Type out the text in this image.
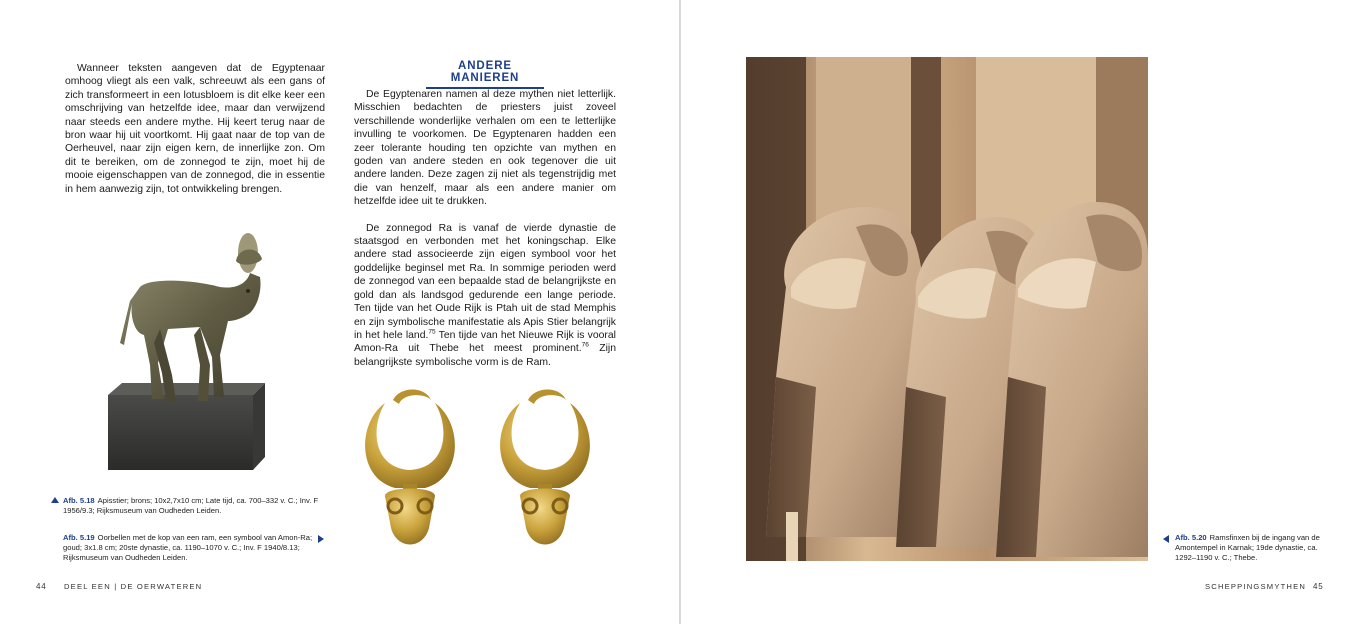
Wanneer teksten aangeven dat de Egyptenaar omhoog vliegt als een valk, schreeuwt als een gans of zich transformeert in een lotusbloem is dit elke keer een omschrijving van hetzelfde idee, maar dan verwijzend naar steeds een andere mythe. Hij keert terug naar de bron waar hij uit voortkomt. Hij gaat naar de top van de Oerheuvel, naar zijn eigen kern, de innerlijke zon. Om dit te bereiken, om de zonnegod te zijn, moet hij de mooie eigenschappen van de zonnegod, die in essentie in hem aanwezig zijn, tot ontwikkeling brengen.

Afb. 5.18 Apisstier; brons; 10x2,7x10 cm; Late tijd, ca. 700–332 v. C.; Inv. F 1956/9.3; Rijksmuseum van Oudheden Leiden.
Afb. 5.19 Oorbellen met de kop van een ram, een symbool van Amon-Ra; goud; 3x1.8 cm; 20ste dynastie, ca. 1190–1070 v. C.; Inv. F 1940/8.13; Rijksmuseum van Oudheden Leiden.
ANDERE MANIEREN

De Egyptenaren namen al deze mythen niet letterlijk. Misschien bedachten de priesters juist zoveel verschillende wonderlijke verhalen om een te letterlijke invulling te voorkomen. De Egyptenaren hadden een zeer tolerante houding ten opzichte van mythen en goden van andere steden en ook tegenover die uit andere landen. Deze zagen zij niet als tegenstrijdig met die van henzelf, maar als een andere manier om hetzelfde idee uit te drukken.

De zonnegod Ra is vanaf de vierde dynastie de staatsgod en verbonden met het koningschap. Elke andere stad associeerde zijn eigen symbool voor het goddelijke beginsel met Ra. In sommige perioden werd de zonnegod van een bepaalde stad de belangrijkste en gold dan als landsgod gedurende een lange periode. Ten tijde van het Oude Rijk is Ptah uit de stad Memphis en zijn symbolische manifestatie als Apis Stier belangrijk in het hele land.$^{75}$ Ten tijde van het Nieuwe Rijk is vooral Amon-Ra uit Thebe het meest prominent.$^{76}$ Zijn belangrijkste symbolische vorm is de Ram.

44 DEEL EEN | DE OERWATEREN
Afb. 5.20 Ramsfinxen bij de ingang van de Amontempel in Karnak; 19de dynastie, ca. 1292–1190 v. C.; Thebe.
SCHEPPINGSMYTHEN 45
